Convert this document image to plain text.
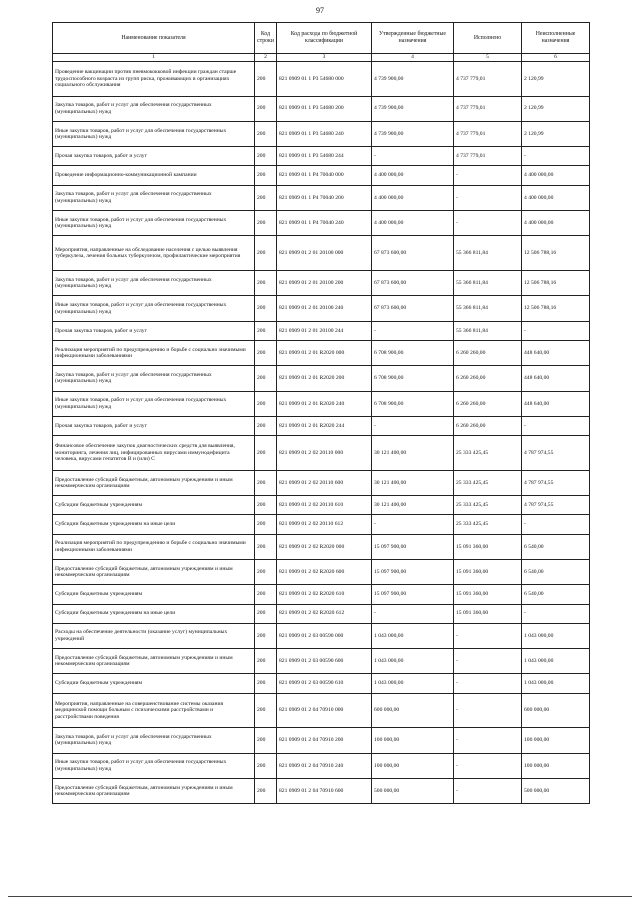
97
Наименование показателя	Код строки	Код расхода по бюджетной классификации	Утвержденные бюджетные назначения	Исполнено	Неисполненные назначения
1	2	3	4	5	6
Проведение вакцинации против пневмококковой инфекции граждан старше трудоспособного возраста из групп риска, проживающих в организациях социального обслуживания	200	821 0909 01 1 P3 54680 000	4 739 900,00	4 737 779,01	2 120,99
Закупка товаров, работ и услуг для обеспечения государственных (муниципальных) нужд	200	821 0909 01 1 P3 54680 200	4 739 900,00	4 737 779,01	2 120,99
Иные закупки товаров, работ и услуг для обеспечения государственных (муниципальных) нужд	200	821 0909 01 1 P3 54680 240	4 739 900,00	4 737 779,01	2 120,99
Прочая закупка товаров, работ и услуг	200	821 0909 01 1 P3 54680 244	-	4 737 779,01	-
Проведение информационно-коммуникационной кампании	200	821 0909 01 1 P4 70040 000	4 400 000,00	-	4 400 000,00
Закупка товаров, работ и услуг для обеспечения государственных (муниципальных) нужд	200	821 0909 01 1 P4 70040 200	4 400 000,00	-	4 400 000,00
Иные закупки товаров, работ и услуг для обеспечения государственных (муниципальных) нужд	200	821 0909 01 1 P4 70040 240	4 400 000,00	-	4 400 000,00
Мероприятия, направленные на обследование населения с целью выявления туберкулеза, лечения больных туберкулезом, профилактические мероприятия	200	821 0909 01 2 01 20100 000	67 873 600,00	55 366 811,84	12 506 788,16
Закупка товаров, работ и услуг для обеспечения государственных (муниципальных) нужд	200	821 0909 01 2 01 20100 200	67 873 600,00	55 366 811,84	12 506 788,16
Иные закупки товаров, работ и услуг для обеспечения государственных (муниципальных) нужд	200	821 0909 01 2 01 20100 240	67 873 600,00	55 366 811,84	12 506 788,16
Прочая закупка товаров, работ и услуг	200	821 0909 01 2 01 20100 244	-	55 366 811,84	-
Реализация мероприятий по предупреждению и борьбе с социально значимыми инфекционными заболеваниями	200	821 0909 01 2 01 R2020 000	6 708 900,00	6 260 260,00	448 640,00
Закупка товаров, работ и услуг для обеспечения государственных (муниципальных) нужд	200	821 0909 01 2 01 R2020 200	6 708 900,00	6 260 260,00	448 640,00
Иные закупки товаров, работ и услуг для обеспечения государственных (муниципальных) нужд	200	821 0909 01 2 01 R2020 240	6 708 900,00	6 260 260,00	448 640,00
Прочая закупка товаров, работ и услуг	200	821 0909 01 2 01 R2020 244	-	6 260 260,00	-
Финансовое обеспечение закупок диагностических средств для выявления, мониторинга, лечения лиц, инфицированных вирусами иммунодефицита человека, вирусами гепатитов B и (или) C	200	821 0909 01 2 02 20110 000	30 121 400,00	25 333 425,45	4 787 974,55
Предоставление субсидий бюджетным, автономным учреждениям и иным некоммерческим организациям	200	821 0909 01 2 02 20110 600	30 121 400,00	25 333 425,45	4 787 974,55
Субсидии бюджетным учреждениям	200	821 0909 01 2 02 20110 610	30 121 400,00	25 333 425,45	4 787 974,55
Субсидии бюджетным учреждениям на иные цели	200	821 0909 01 2 02 20110 612	-	25 333 425,45	-
Реализация мероприятий по предупреждению и борьбе с социально значимыми инфекционными заболеваниями	200	821 0909 01 2 02 R2020 000	15 097 900,00	15 091 360,00	6 540,00
Предоставление субсидий бюджетным, автономным учреждениям и иным некоммерческим организациям	200	821 0909 01 2 02 R2020 600	15 097 900,00	15 091 360,00	6 540,00
Субсидии бюджетным учреждениям	200	821 0909 01 2 02 R2020 610	15 097 900,00	15 091 360,00	6 540,00
Субсидии бюджетным учреждениям на иные цели	200	821 0909 01 2 02 R2020 612	-	15 091 360,00	-
Расходы на обеспечение деятельности (оказание услуг) муниципальных учреждений	200	821 0909 01 2 03 00590 000	1 043 000,00	-	1 043 000,00
Предоставление субсидий бюджетным, автономным учреждениям и иным некоммерческим организациям	200	821 0909 01 2 03 00590 600	1 043 000,00	-	1 043 000,00
Субсидии бюджетным учреждениям	200	821 0909 01 2 03 00590 610	1 043 000,00	-	1 043 000,00
Мероприятия, направленные на совершенствование системы оказания медицинской помощи больным с психическими расстройствами и расстройствами поведения	200	821 0909 01 2 04 70910 000	600 000,00	-	600 000,00
Закупка товаров, работ и услуг для обеспечения государственных (муниципальных) нужд	200	821 0909 01 2 04 70910 200	100 000,00	-	100 000,00
Иные закупки товаров, работ и услуг для обеспечения государственных (муниципальных) нужд	200	821 0909 01 2 04 70910 240	100 000,00	-	100 000,00
Предоставление субсидий бюджетным, автономным учреждениям и иным некоммерческим организациям	200	821 0909 01 2 04 70910 600	500 000,00	-	500 000,00
